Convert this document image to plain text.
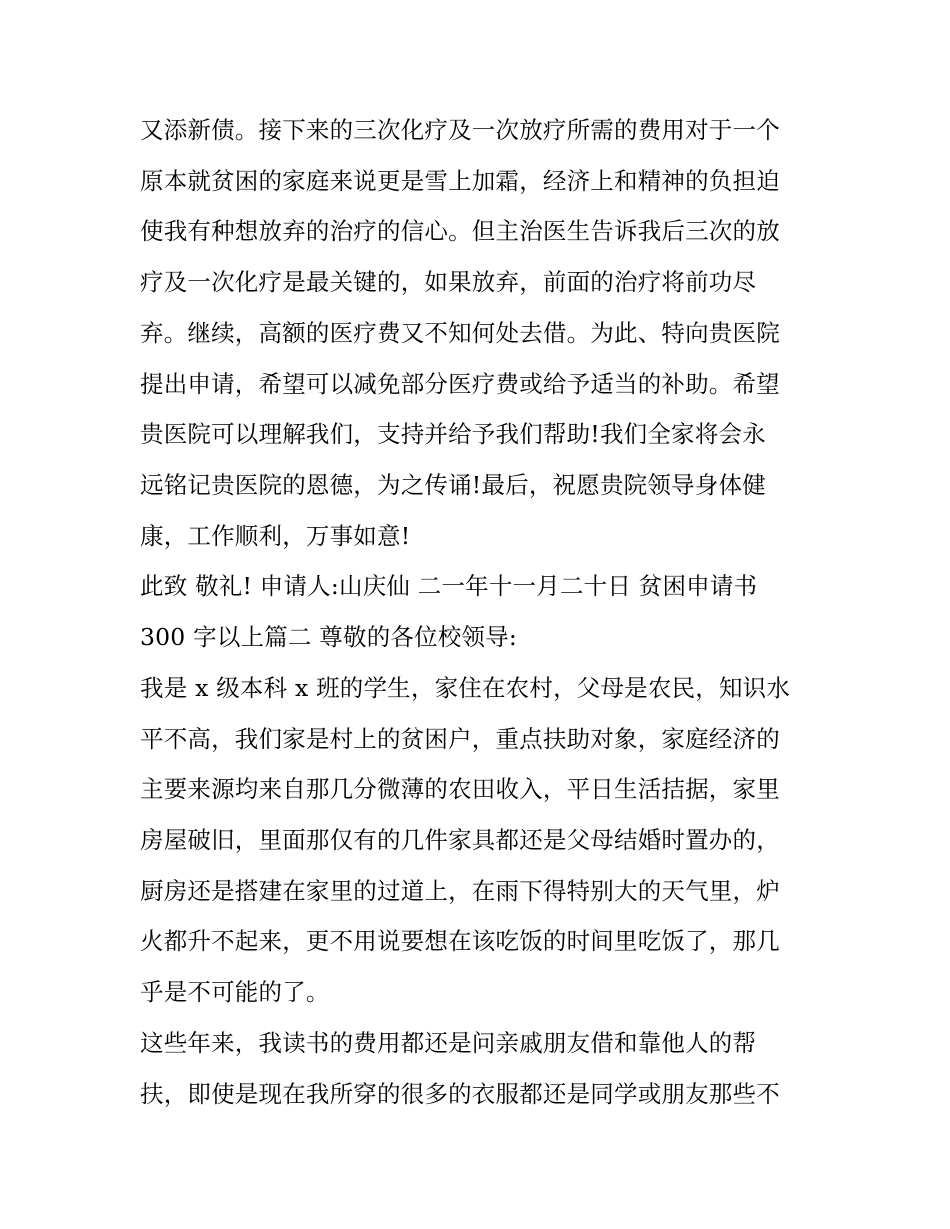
又添新债。接下来的三次化疗及一次放疗所需的费用对于一个
原本就贫困的家庭来说更是雪上加霜，经济上和精神的负担迫
使我有种想放弃的治疗的信心。但主治医生告诉我后三次的放
疗及一次化疗是最关键的，如果放弃，前面的治疗将前功尽
弃。继续，高额的医疗费又不知何处去借。为此、特向贵医院
提出申请，希望可以减免部分医疗费或给予适当的补助。希望
贵医院可以理解我们，支持并给予我们帮助!我们全家将会永
远铭记贵医院的恩德，为之传诵!最后，祝愿贵院领导身体健
康，工作顺利，万事如意!
此致 敬礼! 申请人:山庆仙 二一年十一月二十日 贫困申请书
300 字以上篇二 尊敬的各位校领导:
我是 x 级本科 x 班的学生，家住在农村，父母是农民，知识水
平不高，我们家是村上的贫困户，重点扶助对象，家庭经济的
主要来源均来自那几分微薄的农田收入，平日生活拮据，家里
房屋破旧，里面那仅有的几件家具都还是父母结婚时置办的，
厨房还是搭建在家里的过道上，在雨下得特别大的天气里，炉
火都升不起来，更不用说要想在该吃饭的时间里吃饭了，那几
乎是不可能的了。
这些年来，我读书的费用都还是问亲戚朋友借和靠他人的帮
扶，即使是现在我所穿的很多的衣服都还是同学或朋友那些不
